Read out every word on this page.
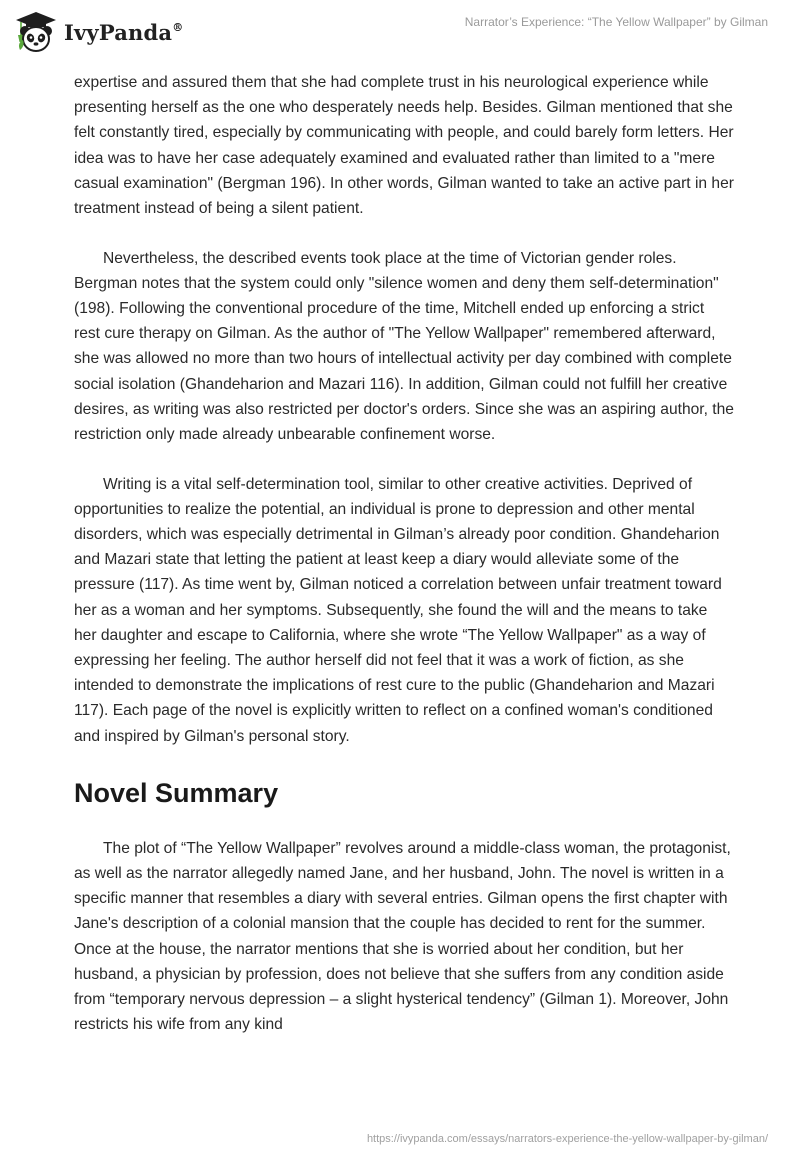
IvyPanda®	Narrator’s Experience: “The Yellow Wallpaper” by Gilman

expertise and assured them that she had complete trust in his neurological experience while presenting herself as the one who desperately needs help. Besides. Gilman mentioned that she felt constantly tired, especially by communicating with people, and could barely form letters. Her idea was to have her case adequately examined and evaluated rather than limited to a "mere casual examination" (Bergman 196). In other words, Gilman wanted to take an active part in her treatment instead of being a silent patient.

Nevertheless, the described events took place at the time of Victorian gender roles. Bergman notes that the system could only "silence women and deny them self-determination" (198). Following the conventional procedure of the time, Mitchell ended up enforcing a strict rest cure therapy on Gilman. As the author of "The Yellow Wallpaper" remembered afterward, she was allowed no more than two hours of intellectual activity per day combined with complete social isolation (Ghandeharion and Mazari 116). In addition, Gilman could not fulfill her creative desires, as writing was also restricted per doctor's orders. Since she was an aspiring author, the restriction only made already unbearable confinement worse.

Writing is a vital self-determination tool, similar to other creative activities. Deprived of opportunities to realize the potential, an individual is prone to depression and other mental disorders, which was especially detrimental in Gilman’s already poor condition. Ghandeharion and Mazari state that letting the patient at least keep a diary would alleviate some of the pressure (117). As time went by, Gilman noticed a correlation between unfair treatment toward her as a woman and her symptoms. Subsequently, she found the will and the means to take her daughter and escape to California, where she wrote “The Yellow Wallpaper" as a way of expressing her feeling. The author herself did not feel that it was a work of fiction, as she intended to demonstrate the implications of rest cure to the public (Ghandeharion and Mazari 117). Each page of the novel is explicitly written to reflect on a confined woman's conditioned and inspired by Gilman's personal story.

Novel Summary

The plot of “The Yellow Wallpaper” revolves around a middle-class woman, the protagonist, as well as the narrator allegedly named Jane, and her husband, John. The novel is written in a specific manner that resembles a diary with several entries. Gilman opens the first chapter with Jane's description of a colonial mansion that the couple has decided to rent for the summer. Once at the house, the narrator mentions that she is worried about her condition, but her husband, a physician by profession, does not believe that she suffers from any condition aside from “temporary nervous depression – a slight hysterical tendency” (Gilman 1). Moreover, John restricts his wife from any kind

https://ivypanda.com/essays/narrators-experience-the-yellow-wallpaper-by-gilman/
